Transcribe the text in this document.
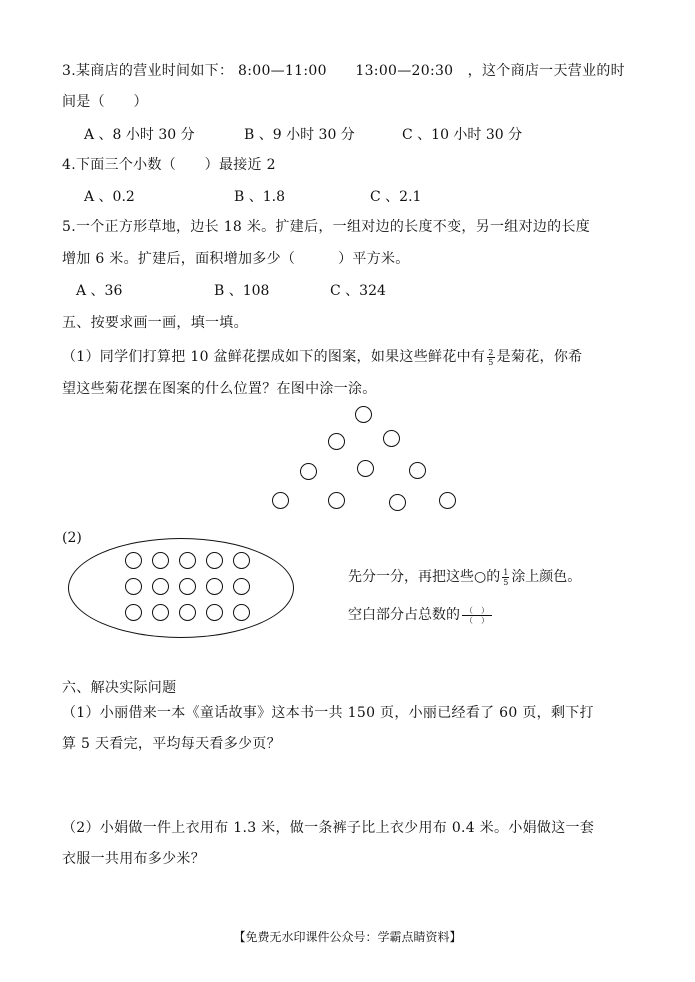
3.某商店的营业时间如下： 8:00—11:00　　13:00—20:30　，这个商店一天营业的时
间是（　　）
A 、8 小时 30 分	B 、9 小时 30 分	C 、10 小时 30 分
4.下面三个小数（　　）最接近 2
A 、0.2	B 、1.8	C 、2.1
5.一个正方形草地，边长 18 米。扩建后，一组对边的长度不变，另一组对边的长度
增加 6 米。扩建后，面积增加多少（　　　）平方米。
A 、36	B 、108	C 、324
五、按要求画一画，填一填。
（1）同学们打算把 10 盆鲜花摆成如下的图案，如果这些鲜花中有 $\frac{2}{5}$ 是菊花，你希
望这些菊花摆在图案的什么位置？在图中涂一涂。
(2)
先分一分，再把这些○的 $\frac{1}{5}$ 涂上颜色。
空白部分占总数的 $\frac{( )}{( )}$
六、解决实际问题
（1）小丽借来一本《童话故事》这本书一共 150 页，小丽已经看了 60 页，剩下打
算 5 天看完，平均每天看多少页？
（2）小娟做一件上衣用布 1.3 米，做一条裤子比上衣少用布 0.4 米。小娟做这一套
衣服一共用布多少米？
【免费无水印课件公众号：学霸点睛资料】
